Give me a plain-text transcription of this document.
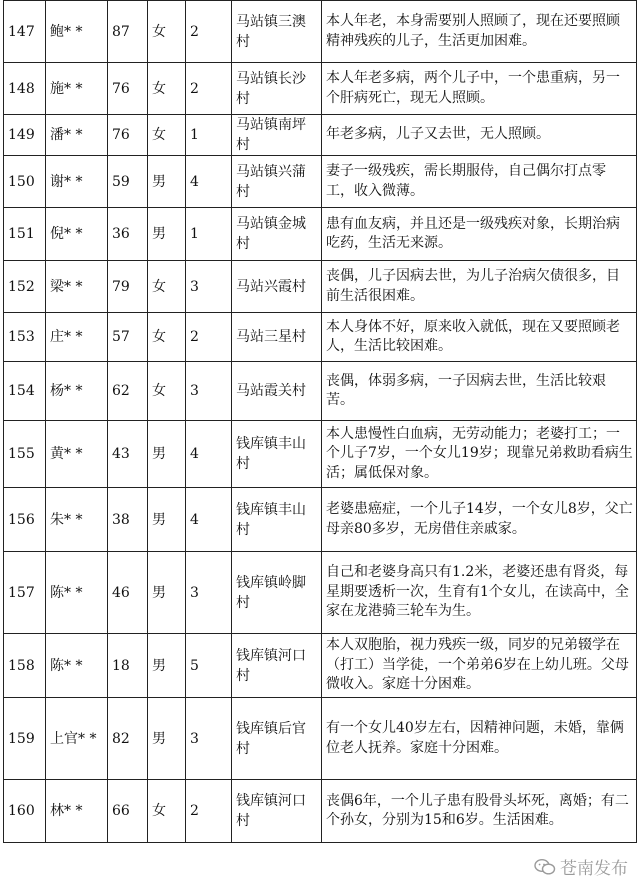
147	鲍* *	87	女	2	马站镇三澳村	本人年老，本身需要别人照顾了，现在还要照顾精神残疾的儿子，生活更加困难。
148	施* *	76	女	2	马站镇长沙村	本人年老多病，两个儿子中，一个患重病，另一个肝病死亡，现无人照顾。
149	潘* *	76	女	1	马站镇南坪村	年老多病，儿子又去世，无人照顾。
150	谢* *	59	男	4	马站镇兴蒲村	妻子一级残疾，需长期服侍，自己偶尔打点零工，收入微薄。
151	倪* *	36	男	1	马站镇金城村	患有血友病，并且还是一级残疾对象，长期治病吃药，生活无来源。
152	梁* *	79	女	3	马站兴霞村	丧偶，儿子因病去世，为儿子治病欠债很多，目前生活很困难。
153	庄* *	57	女	2	马站三星村	本人身体不好，原来收入就低，现在又要照顾老人，生活比较困难。
154	杨* *	62	女	3	马站霞关村	丧偶，体弱多病，一子因病去世，生活比较艰苦。
155	黄* *	43	男	4	钱库镇丰山村	本人患慢性白血病，无劳动能力；老婆打工；一个儿子7岁，一个女儿19岁；现靠兄弟救助看病生活；属低保对象。
156	朱* *	38	男	4	钱库镇丰山村	老婆患癌症，一个儿子14岁，一个女儿8岁，父亡母亲80多岁，无房借住亲戚家。
157	陈* *	46	男	3	钱库镇岭脚村	自己和老婆身高只有1.2米，老婆还患有肾炎，每星期要透析一次，生育有1个女儿，在读高中，全家在龙港骑三轮车为生。
158	陈* *	18	男	5	钱库镇河口村	本人双胞胎，视力残疾一级，同岁的兄弟辍学在（打工）当学徒，一个弟弟6岁在上幼儿班。父母微收入。家庭十分困难。
159	上官* *	82	男	3	钱库镇后官村	有一个女儿40岁左右，因精神问题，未婚，靠俩位老人抚养。家庭十分困难。
160	林* *	66	女	2	钱库镇河口村	丧偶6年，一个儿子患有股骨头坏死，离婚；有二个孙女，分别为15和6岁。生活困难。
苍南发布
